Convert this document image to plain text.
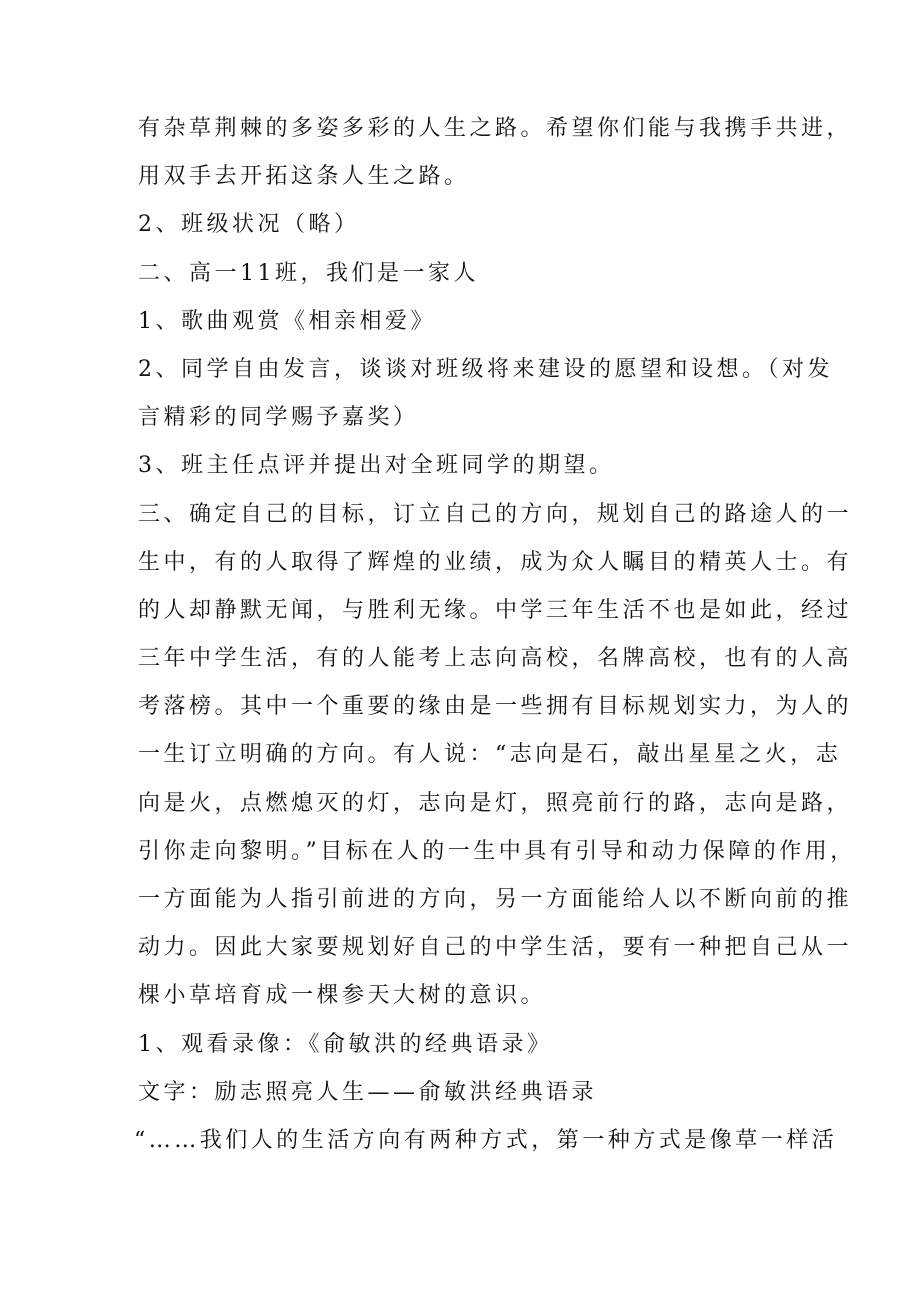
有杂草荆棘的多姿多彩的人生之路。希望你们能与我携手共进，
用双手去开拓这条人生之路。
2、班级状况（略）
二、高一11班，我们是一家人
1、歌曲观赏《相亲相爱》
2、同学自由发言，谈谈对班级将来建设的愿望和设想。（对发
言精彩的同学赐予嘉奖）
3、班主任点评并提出对全班同学的期望。
三、确定自己的目标，订立自己的方向，规划自己的路途人的一
生中，有的人取得了辉煌的业绩，成为众人瞩目的精英人士。有
的人却静默无闻，与胜利无缘。中学三年生活不也是如此，经过
三年中学生活，有的人能考上志向高校，名牌高校，也有的人高
考落榜。其中一个重要的缘由是一些拥有目标规划实力，为人的
一生订立明确的方向。有人说：“志向是石，敲出星星之火，志
向是火，点燃熄灭的灯，志向是灯，照亮前行的路，志向是路，
引你走向黎明。”目标在人的一生中具有引导和动力保障的作用，
一方面能为人指引前进的方向，另一方面能给人以不断向前的推
动力。因此大家要规划好自己的中学生活，要有一种把自己从一
棵小草培育成一棵参天大树的意识。
1、观看录像：《俞敏洪的经典语录》
文字：励志照亮人生——俞敏洪经典语录
“……我们人的生活方向有两种方式，第一种方式是像草一样活
